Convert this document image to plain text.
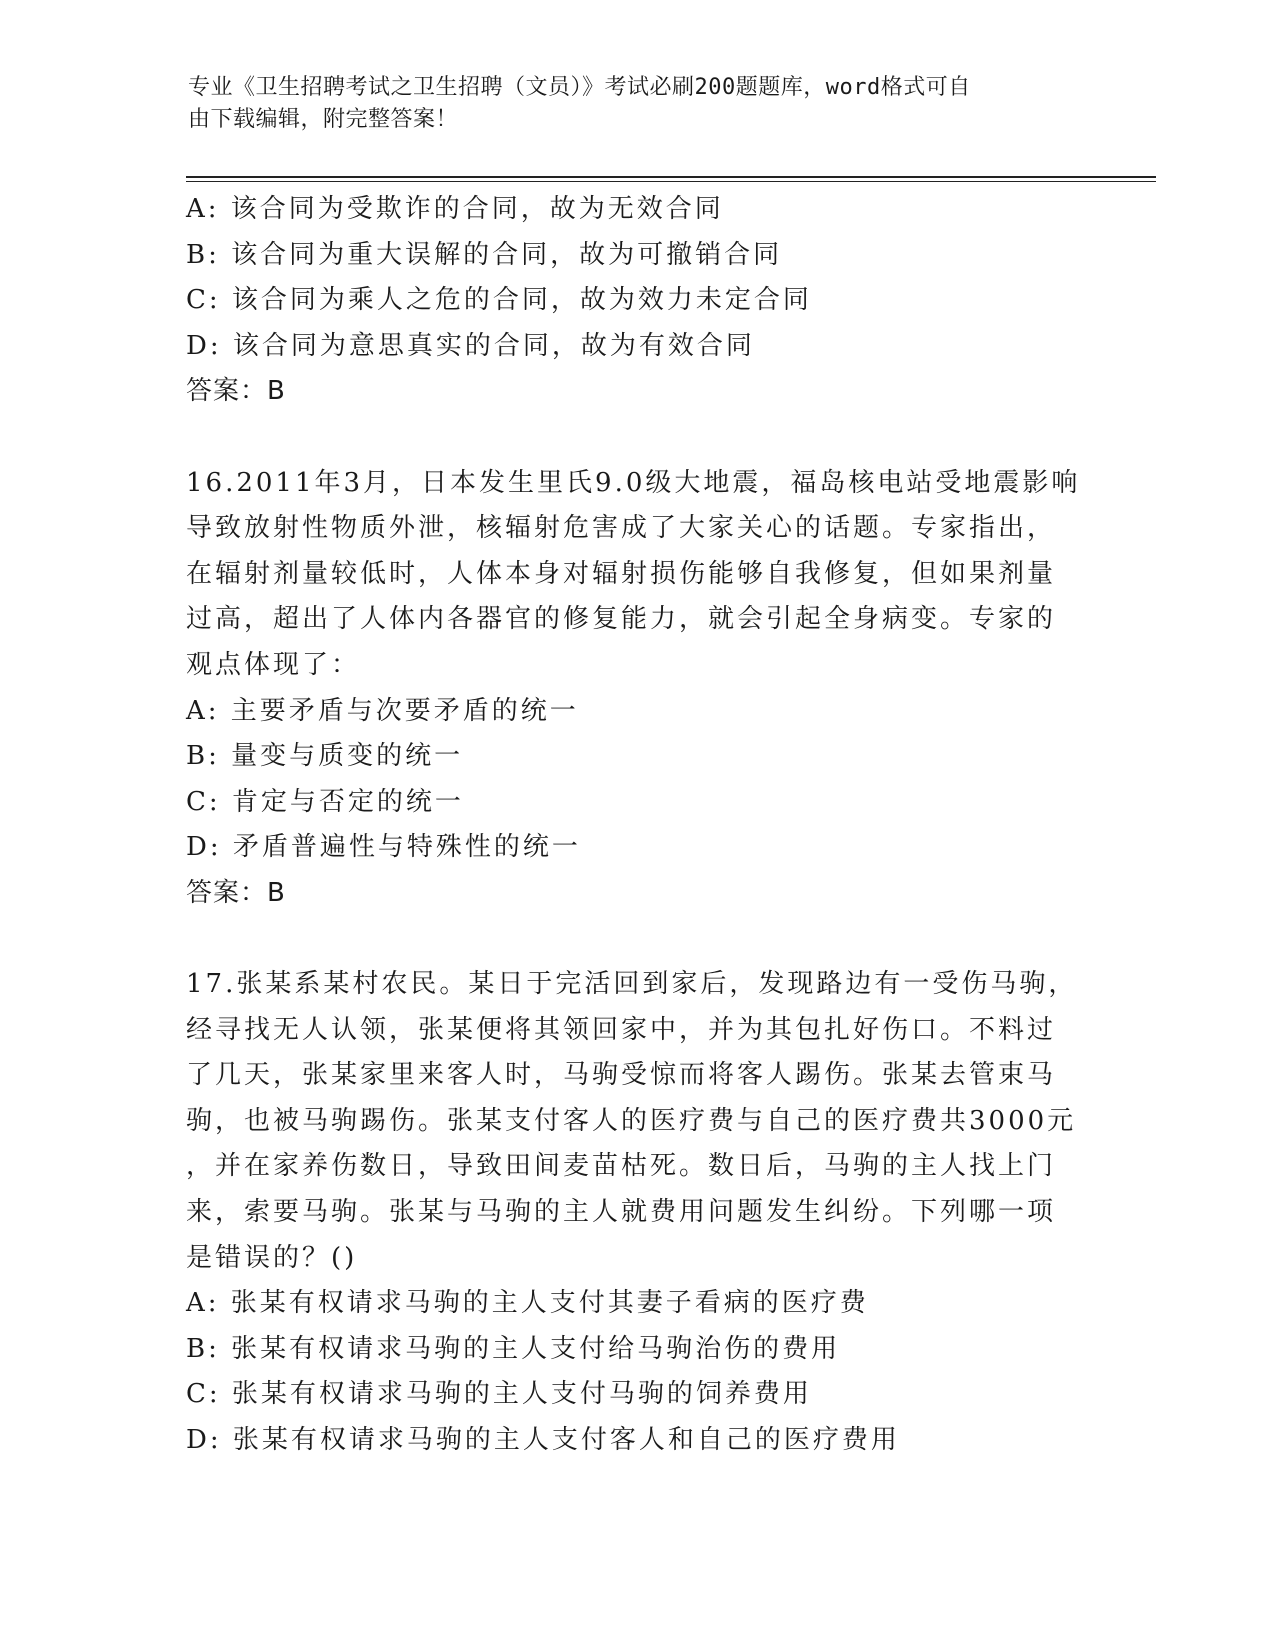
专业《卫生招聘考试之卫生招聘（文员）》考试必刷200题题库，word格式可自
由下载编辑，附完整答案！
A: 该合同为受欺诈的合同，故为无效合同
B: 该合同为重大误解的合同，故为可撤销合同
C: 该合同为乘人之危的合同，故为效力未定合同
D: 该合同为意思真实的合同，故为有效合同
答案：B
16.2011年3月，日本发生里氏9.0级大地震，福岛核电站受地震影响
导致放射性物质外泄，核辐射危害成了大家关心的话题。专家指出，
在辐射剂量较低时，人体本身对辐射损伤能够自我修复，但如果剂量
过高，超出了人体内各器官的修复能力，就会引起全身病变。专家的
观点体现了：
A: 主要矛盾与次要矛盾的统一
B: 量变与质变的统一
C: 肯定与否定的统一
D: 矛盾普遍性与特殊性的统一
答案：B
17.张某系某村农民。某日于完活回到家后，发现路边有一受伤马驹，
经寻找无人认领，张某便将其领回家中，并为其包扎好伤口。不料过
了几天，张某家里来客人时，马驹受惊而将客人踢伤。张某去管束马
驹，也被马驹踢伤。张某支付客人的医疗费与自己的医疗费共3000元
，并在家养伤数日，导致田间麦苗枯死。数日后，马驹的主人找上门
来，索要马驹。张某与马驹的主人就费用问题发生纠纷。下列哪一项
是错误的？()
A: 张某有权请求马驹的主人支付其妻子看病的医疗费
B: 张某有权请求马驹的主人支付给马驹治伤的费用
C: 张某有权请求马驹的主人支付马驹的饲养费用
D: 张某有权请求马驹的主人支付客人和自己的医疗费用
